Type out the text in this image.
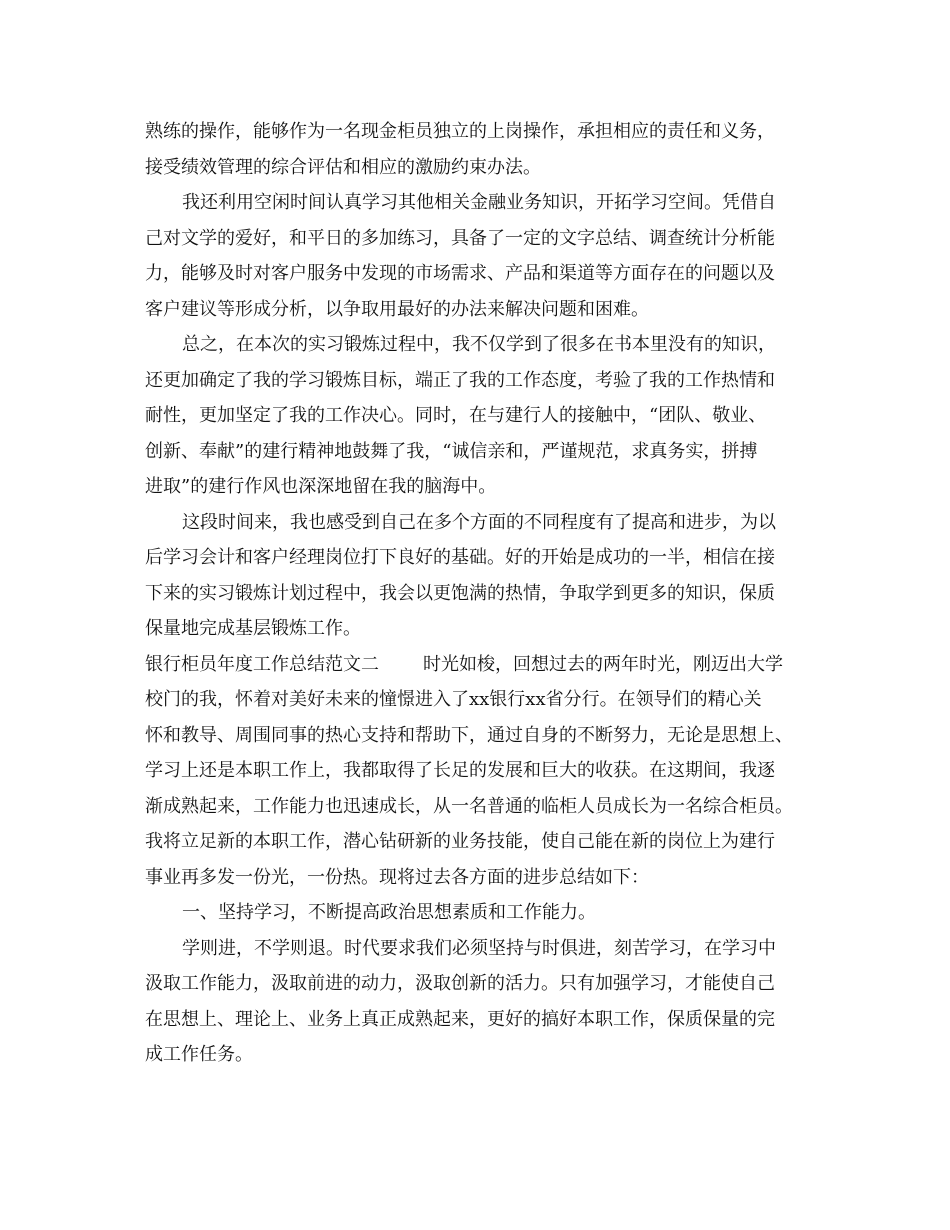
熟练的操作，能够作为一名现金柜员独立的上岗操作，承担相应的责任和义务，
接受绩效管理的综合评估和相应的激励约束办法。
我还利用空闲时间认真学习其他相关金融业务知识，开拓学习空间。凭借自
己对文学的爱好，和平日的多加练习，具备了一定的文字总结、调查统计分析能
力，能够及时对客户服务中发现的市场需求、产品和渠道等方面存在的问题以及
客户建议等形成分析，以争取用最好的办法来解决问题和困难。
总之，在本次的实习锻炼过程中，我不仅学到了很多在书本里没有的知识，
还更加确定了我的学习锻炼目标，端正了我的工作态度，考验了我的工作热情和
耐性，更加坚定了我的工作决心。同时，在与建行人的接触中，“团队、敬业、
创新、奉献”的建行精神地鼓舞了我，“诚信亲和，严谨规范，求真务实，拼搏
进取”的建行作风也深深地留在我的脑海中。
这段时间来，我也感受到自己在多个方面的不同程度有了提高和进步，为以
后学习会计和客户经理岗位打下良好的基础。好的开始是成功的一半，相信在接
下来的实习锻炼计划过程中，我会以更饱满的热情，争取学到更多的知识，保质
保量地完成基层锻炼工作。
银行柜员年度工作总结范文二 时光如梭，回想过去的两年时光，刚迈出大学
校门的我，怀着对美好未来的憧憬进入了xx银行xx省分行。在领导们的精心关
怀和教导、周围同事的热心支持和帮助下，通过自身的不断努力，无论是思想上、
学习上还是本职工作上，我都取得了长足的发展和巨大的收获。在这期间，我逐
渐成熟起来，工作能力也迅速成长，从一名普通的临柜人员成长为一名综合柜员。
我将立足新的本职工作，潜心钻研新的业务技能，使自己能在新的岗位上为建行
事业再多发一份光，一份热。现将过去各方面的进步总结如下：
一、坚持学习，不断提高政治思想素质和工作能力。
学则进，不学则退。时代要求我们必须坚持与时俱进，刻苦学习，在学习中
汲取工作能力，汲取前进的动力，汲取创新的活力。只有加强学习，才能使自己
在思想上、理论上、业务上真正成熟起来，更好的搞好本职工作，保质保量的完
成工作任务。
